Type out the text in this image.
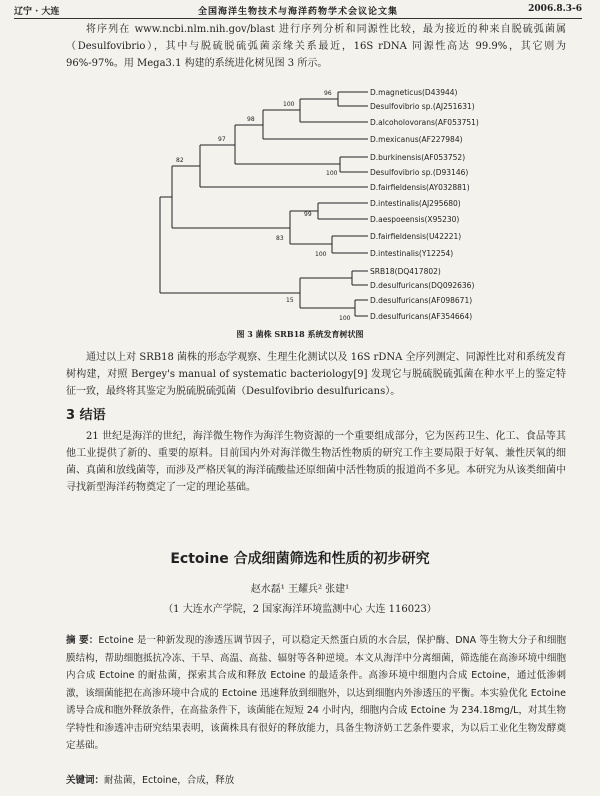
辽宁 · 大连	全国海洋生物技术与海洋药物学术会议论文集	2006.8.3-6
将序列在 www.ncbi.nlm.nih.gov/blast 进行序列分析和同源性比较，最为接近的种来自脱硫弧菌属（Desulfovibrio），其中与脱硫脱硫弧菌亲缘关系最近，16S rDNA 同源性高达 99.9%，其它则为 96%-97%。用 Mega3.1 构建的系统进化树见图 3 所示。
D.magneticus(D43944)
Desulfovibrio sp.(AJ251631)
D.alcoholovorans(AF053751)
D.mexicanus(AF227984)
D.burkinensis(AF053752)
Desulfovibrio sp.(D93146)
D.fairfieldensis(AY032881)
D.intestinalis(AJ295680)
D.aespoeensis(X95230)
D.fairfieldensis(U42221)
D.intestinalis(Y12254)
SRB18(DQ417802)
D.desulfuricans(DQ092636)
D.desulfuricans(AF098671)
D.desulfuricans(AF354664)
96
100
98
97
100
82
99
83
100
15
100
图 3 菌株 SRB18 系统发育树状图
通过以上对 SRB18 菌株的形态学观察、生理生化测试以及 16S rDNA 全序列测定、同源性比对和系统发育树构建，对照 Bergey's manual of systematic bacteriology[9] 发现它与脱硫脱硫弧菌在种水平上的鉴定特征一致，最终将其鉴定为脱硫脱硫弧菌（Desulfovibrio desulfuricans）。
3 结语
21 世纪是海洋的世纪，海洋微生物作为海洋生物资源的一个重要组成部分，它为医药卫生、化工、食品等其他工业提供了新的、重要的原料。目前国内外对海洋微生物活性物质的研究工作主要局限于好氧、兼性厌氧的细菌、真菌和放线菌等，而涉及严格厌氧的海洋硫酸盐还原细菌中活性物质的报道尚不多见。本研究为从该类细菌中寻找新型海洋药物奠定了一定的理论基础。
Ectoine 合成细菌筛选和性质的初步研究
赵水磊¹ 王耀兵² 张建¹
（1 大连水产学院，2 国家海洋环境监测中心 大连 116023）
摘 要：Ectoine 是一种新发现的渗透压调节因子，可以稳定天然蛋白质的水合层，保护酶、DNA 等生物大分子和细胞膜结构，帮助细胞抵抗冷冻、干旱、高温、高盐、辐射等各种逆境。本文从海洋中分离细菌，筛选能在高渗环境中细胞内合成 Ectoine 的耐盐菌，探索其合成和释放 Ectoine 的最适条件。高渗环境中细胞内合成 Ectoine，通过低渗刺激，该细菌能把在高渗环境中合成的 Ectoine 迅速释放到细胞外，以达到细胞内外渗透压的平衡。本实验优化 Ectoine 诱导合成和胞外释放条件，在高盐条件下，该菌能在短短 24 小时内，细胞内合成 Ectoine 为 234.18mg/L，对其生物学特性和渗透冲击研究结果表明，该菌株具有很好的释放能力，具备生物济奶工艺条件要求，为以后工业化生物发酵奠定基础。
关键词：耐盐菌，Ectoine，合成，释放
